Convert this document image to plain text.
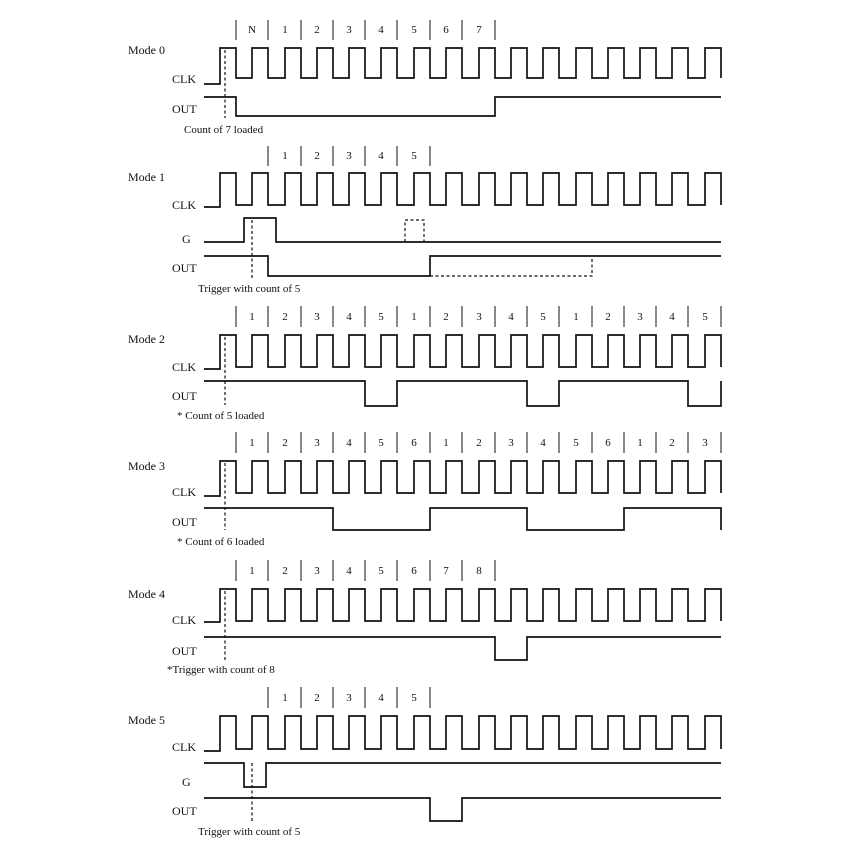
Mode 0
CLK
OUT
N 1 2 3 4	5 6	7
Count of 7 loaded
Mode 1
CLK
G
OUT
1 2 3 4	5
Trigger with count of 5
Mode 2
CLK
OUT
1	2 3 4 5	1 2	3 4 5	1 2 3 4	5
* Count of 5 loaded
Mode 3
CLK
OUT
1	2 3 4 5	6 1	2 3 4	5 6 1 2	3
* Count of 6 loaded
Mode 4
CLK
OUT
1	2 3 4 5	6 7	8
*Trigger with count of 8
Mode 5
CLK
G
OUT
1 2 3 4	5
Trigger with count of 5
